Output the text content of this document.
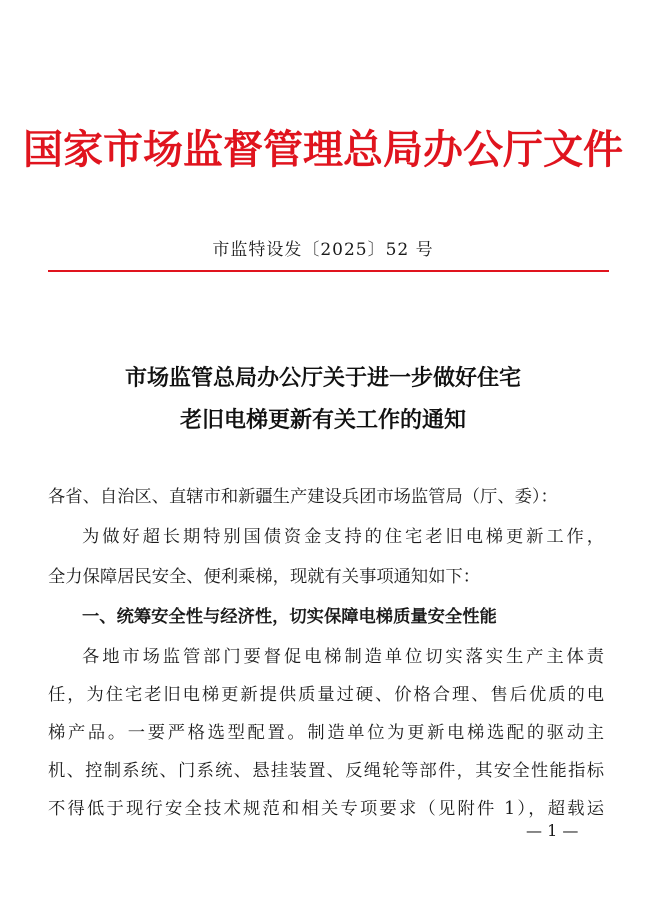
国家市场监督管理总局办公厅文件
市监特设发〔2025〕52 号
市场监管总局办公厅关于进一步做好住宅
老旧电梯更新有关工作的通知
各省、自治区、直辖市和新疆生产建设兵团市场监管局（厅、委）：
为做好超长期特别国债资金支持的住宅老旧电梯更新工作，
全力保障居民安全、便利乘梯，现就有关事项通知如下：
一、统筹安全性与经济性，切实保障电梯质量安全性能
各地市场监管部门要督促电梯制造单位切实落实生产主体责
任，为住宅老旧电梯更新提供质量过硬、价格合理、售后优质的电
梯产品。一要严格选型配置。制造单位为更新电梯选配的驱动主
机、控制系统、门系统、悬挂装置、反绳轮等部件，其安全性能指标
不得低于现行安全技术规范和相关专项要求（见附件 1），超载运
— 1 —
